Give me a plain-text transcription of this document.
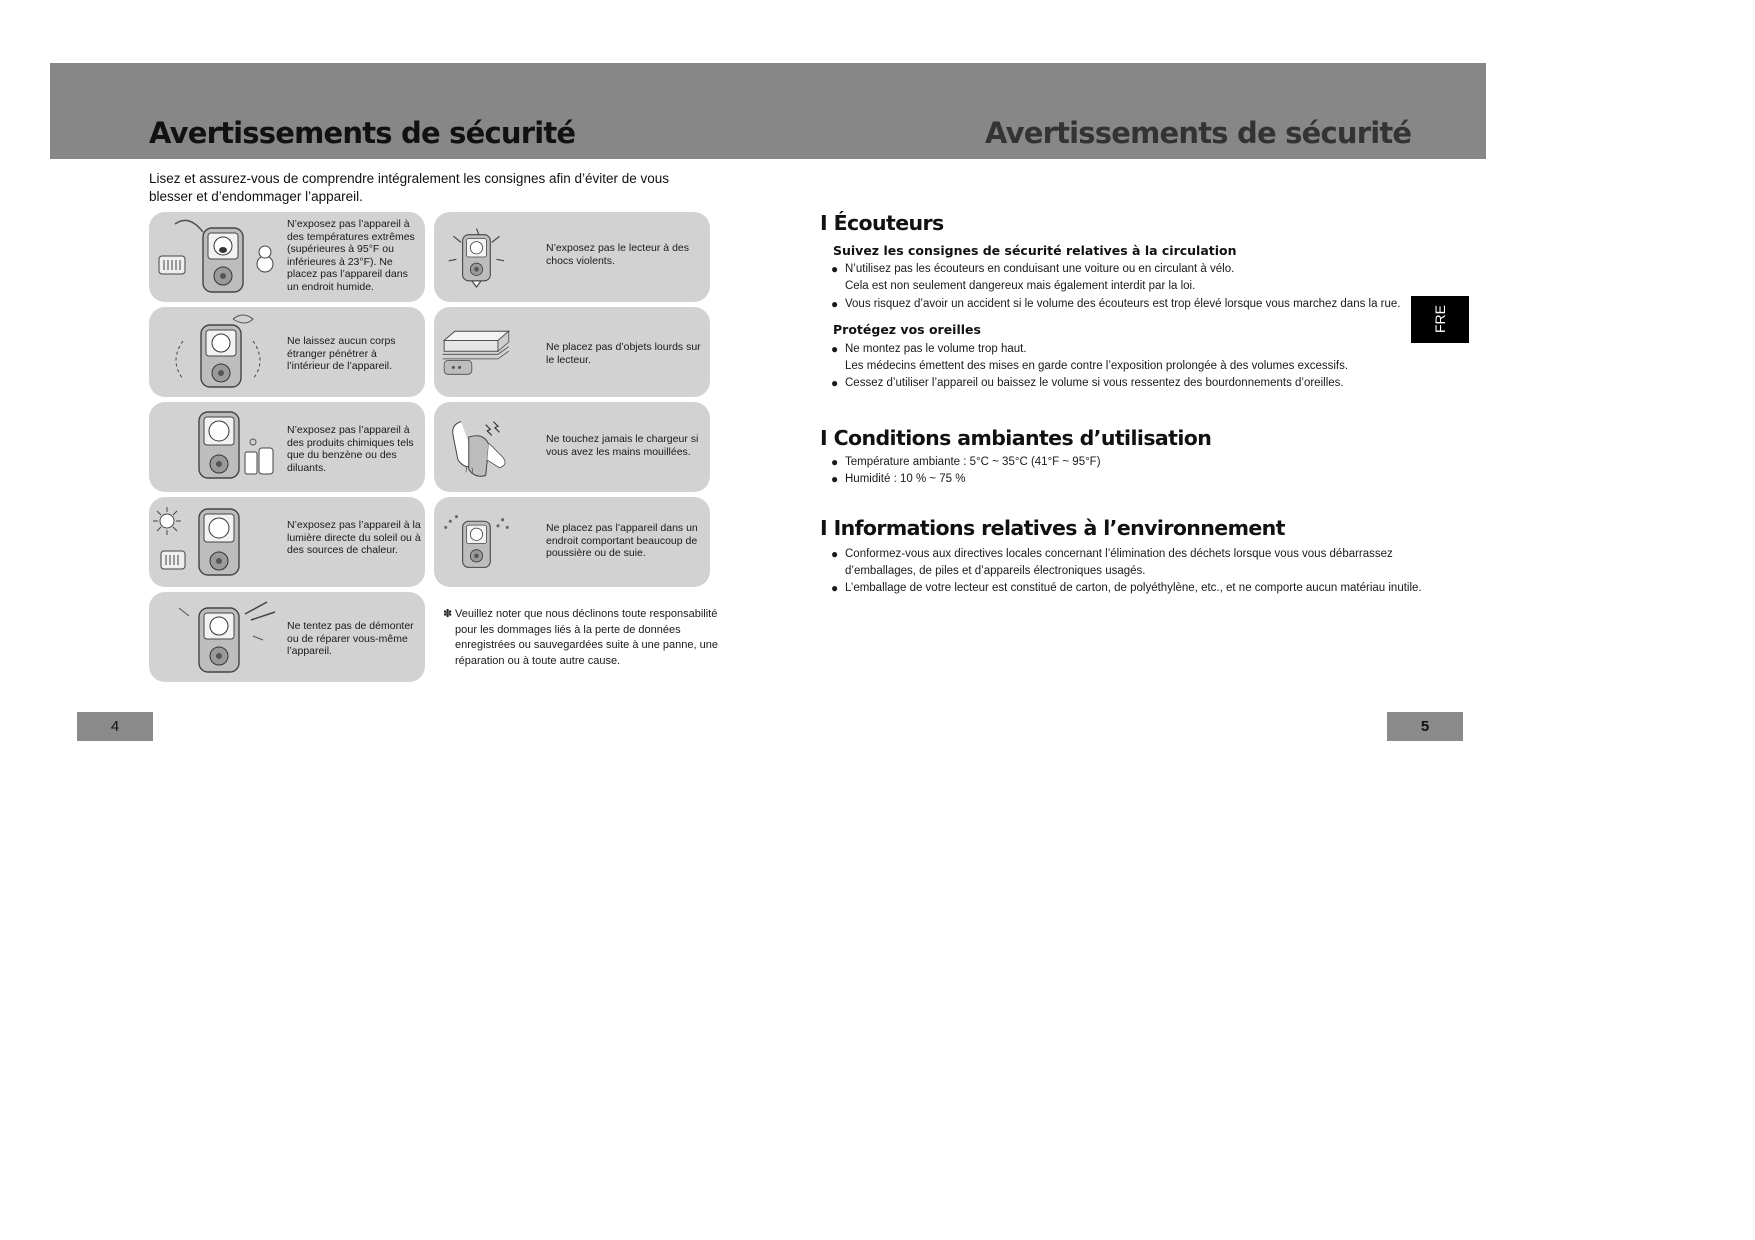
Avertissements de sécurité	Avertissements de sécurité

Lisez et assurez-vous de comprendre intégralement les consignes afin d’éviter de vous blesser et d’endommager l’appareil.

N’exposez pas l’appareil à des températures extrêmes (supérieures à 95°F ou inférieures à 23°F). Ne placez pas l’appareil dans un endroit humide.

N’exposez pas le lecteur à des chocs violents.

Ne laissez aucun corps étranger pénétrer à l’intérieur de l’appareil.

Ne placez pas d’objets lourds sur le lecteur.

N’exposez pas l’appareil à des produits chimiques tels que du benzène ou des diluants.

Ne touchez jamais le chargeur si vous avez les mains mouillées.

N’exposez pas l’appareil à la lumière directe du soleil ou à des sources de chaleur.

Ne placez pas l’appareil dans un endroit comportant beaucoup de poussière ou de suie.

Ne tentez pas de démonter ou de réparer vous-même l’appareil.

✽ Veuillez noter que nous déclinons toute responsabilité pour les dommages liés à la perte de données enregistrées ou sauvegardées suite à une panne, une réparation ou à toute autre cause.

4
FRE
I Écouteurs
Suivez les consignes de sécurité relatives à la circulation

● N’utilisez pas les écouteurs en conduisant une voiture ou en circulant à vélo.
Cela est non seulement dangereux mais également interdit par la loi.

● Vous risquez d’avoir un accident si le volume des écouteurs est trop élevé lorsque vous marchez dans la rue.

Protégez vos oreilles

● Ne montez pas le volume trop haut.
Les médecins émettent des mises en garde contre l’exposition prolongée à des volumes excessifs.

● Cessez d’utiliser l’appareil ou baissez le volume si vous ressentez des bourdonnements d’oreilles.

I Conditions ambiantes d’utilisation

● Température ambiante : 5°C ~ 35°C (41°F ~ 95°F)

● Humidité : 10 % ~ 75 %

I Informations relatives à l’environnement

● Conformez-vous aux directives locales concernant l’élimination des déchets lorsque vous vous débarrassez
d’emballages, de piles et d’appareils électroniques usagés.

● L’emballage de votre lecteur est constitué de carton, de polyéthylène, etc., et ne comporte aucun matériau inutile.

5
